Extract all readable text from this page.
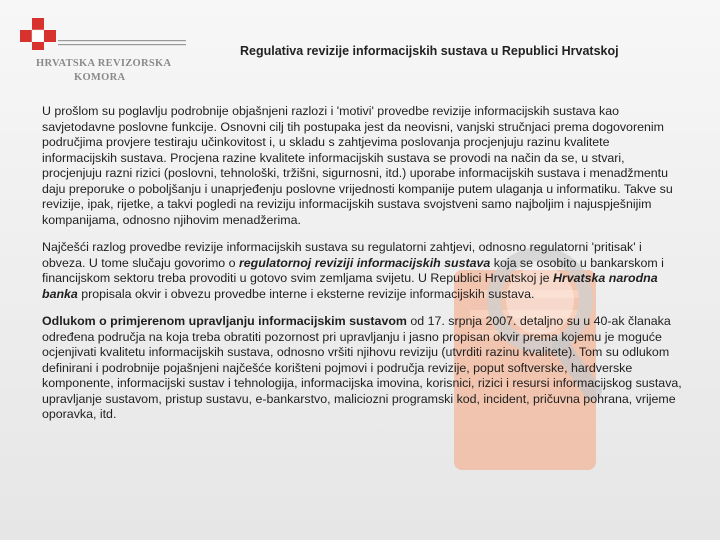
HRVATSKA REVIZORSKA
KOMORA
Regulativa revizije informacijskih sustava u Republici Hrvatskoj

U prošlom su poglavlju podrobnije objašnjeni razlozi i 'motivi' provedbe revizije informacijskih sustava kao savjetodavne poslovne funkcije. Osnovni cilj tih postupaka jest da neovisni, vanjski stručnjaci prema dogovorenim područjima provjere testiraju učinkovitost i, u skladu s zahtjevima poslovanja procjenjuju razinu kvalitete informacijskih sustava. Procjena razine kvalitete informacijskih sustava se provodi na način da se, u stvari, procjenjuju razni rizici (poslovni, tehnološki, tržišni, sigurnosni, itd.) uporabe informacijskih sustava i menadžmentu daju preporuke o poboljšanju i unaprjeđenju poslovne vrijednosti kompanije putem ulaganja u informatiku. Takve su revizije, ipak, rijetke, a takvi pogledi na reviziju informacijskih sustava svojstveni samo najboljim i najuspješnijim kompanijama, odnosno njihovim menadžerima.

Najčešći razlog provedbe revizije informacijskih sustava su regulatorni zahtjevi, odnosno regulatorni 'pritisak' i obveza. U tome slučaju govorimo o regulatornoj reviziji informacijskih sustava koja se osobito u bankarskom i financijskom sektoru treba provoditi u gotovo svim zemljama svijetu. U Republici Hrvatskoj je Hrvatska narodna banka propisala okvir i obvezu provedbe interne i eksterne revizije informacijskih sustava.

Odlukom o primjerenom upravljanju informacijskim sustavom od 17. srpnja 2007. detaljno su u 40-ak članaka određena područja na koja treba obratiti pozornost pri upravljanju i jasno propisan okvir prema kojemu je moguće ocjenjivati kvalitetu informacijskih sustava, odnosno vršiti njihovu reviziju (utvrditi razinu kvalitete). Tom su odlukom definirani i podrobnije pojašnjeni najčešće korišteni pojmovi i područja revizije, poput softverske, hardverske komponente, informacijski sustav i tehnologija, informacijska imovina, korisnici, rizici i resursi informacijskog sustava, upravljanje sustavom, pristup sustavu, e-bankarstvo, maliciozni programski kod, incident, pričuvna pohrana, vrijeme oporavka, itd.
